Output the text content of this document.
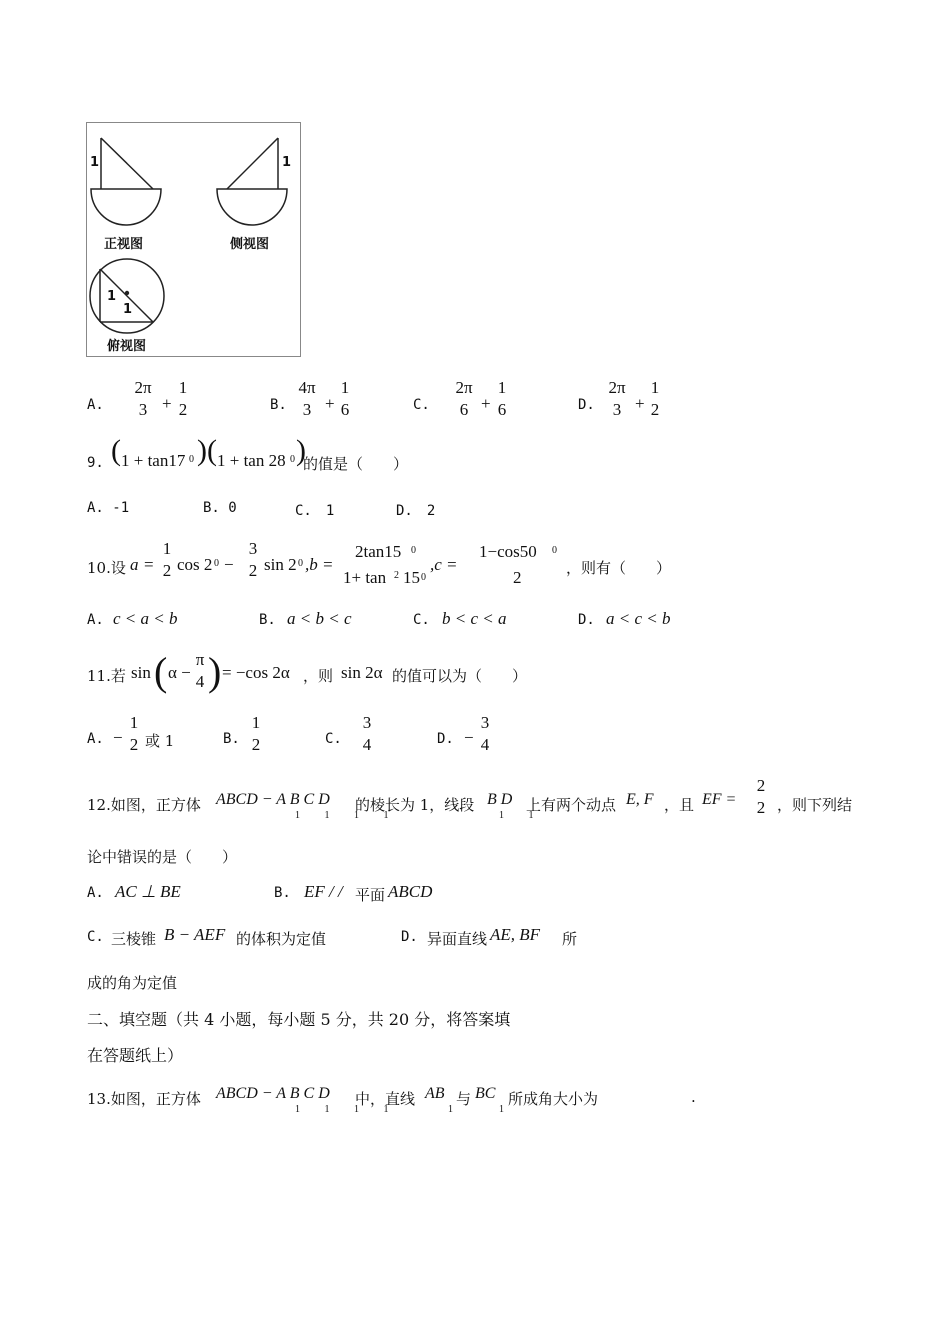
1	1
正视图	侧视图
1
1
俯视图
A.
2π
3 +
1
2	B.
4π
3 +
1
6	C.
2π
6 +
1
6	D.
2π
3 +
1
2
9. ( 1 + tan17 0 ) ( 1 + tan 28 0 )
的值是（　　）
A. -1	B. 0	C.　1	D.　2
10.设 a =
1
2 cos 2 0 −
3
2 sin 2 0 ,b =
2tan15 0
1+ tan 2 15 0
,c =
1−cos50 0
2	，则有（　　）
A. c < a < b	B. a < b < c	C. b < c < a	D. a < c < b
11.若 sin ( α −
π
4 ) = −cos 2α ，则 sin 2α 的值可以为（　　）
A. −
1
2 或 1	B.
1
2	C.
3
4	D. −
3
4
12.如图，正方体 ABCD − A B C D
1 1 1 1
的棱长为 1，线段 B D
1 1
上有两个动点 E, F ，且 EF =
2
2 ，则下列结
论中错误的是（　　）
A. AC ⊥ BE	B. EF / / 平面 ABCD
C. 三棱锥 B − AEF 的体积为定值	D. 异面直线 AE, BF 所
成的角为定值
二、填空题（共 4 小题，每小题 5 分，共 20 分，将答案填
在答题纸上）
13.如图，正方体 ABCD − A B C D
1 1 1 1
中，直线 AB
1
与 BC
1
所成角大小为	.
